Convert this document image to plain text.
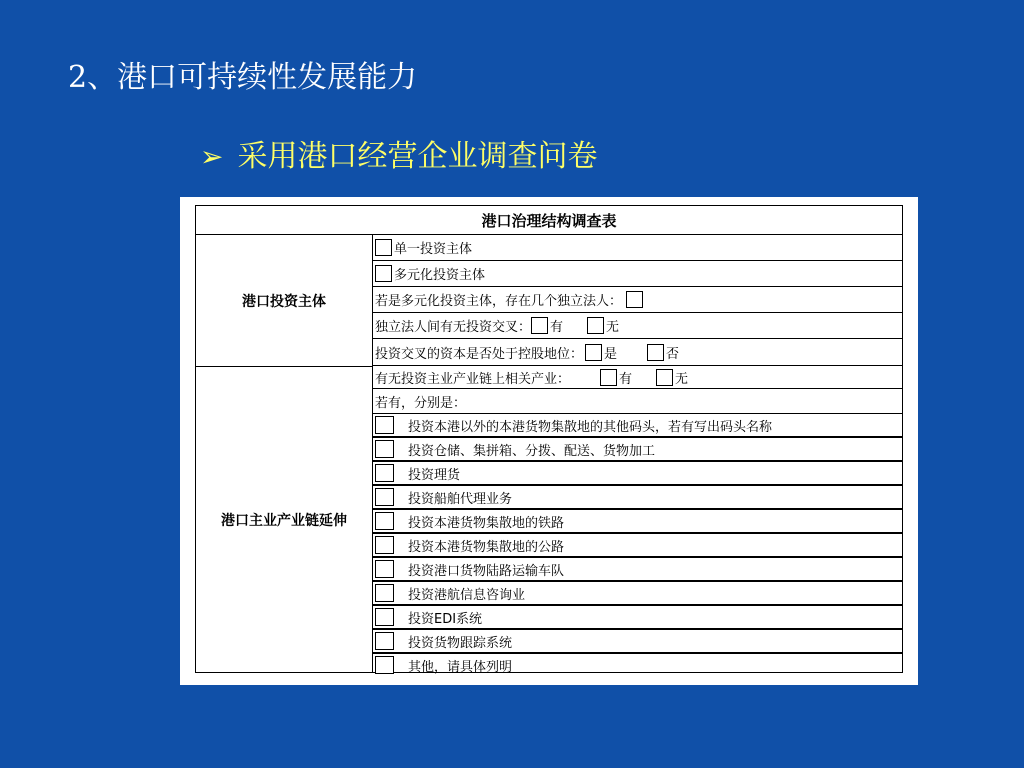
2、港口可持续性发展能力
➢ 采用港口经营企业调查问卷
港口治理结构调查表
港口投资主体
单一投资主体
多元化投资主体
若是多元化投资主体，存在几个独立法人：
独立法人间有无投资交叉： 有	无
投资交叉的资本是否处于控股地位： 是	否
港口主业产业链延伸
有无投资主业产业链上相关产业：	有	无
若有，分别是：
投资本港以外的本港货物集散地的其他码头，若有写出码头名称
投资仓储、集拼箱、分拨、配送、货物加工
投资理货
投资船舶代理业务
投资本港货物集散地的铁路
投资本港货物集散地的公路
投资港口货物陆路运输车队
投资港航信息咨询业
投资EDI系统
投资货物跟踪系统
其他，请具体列明
